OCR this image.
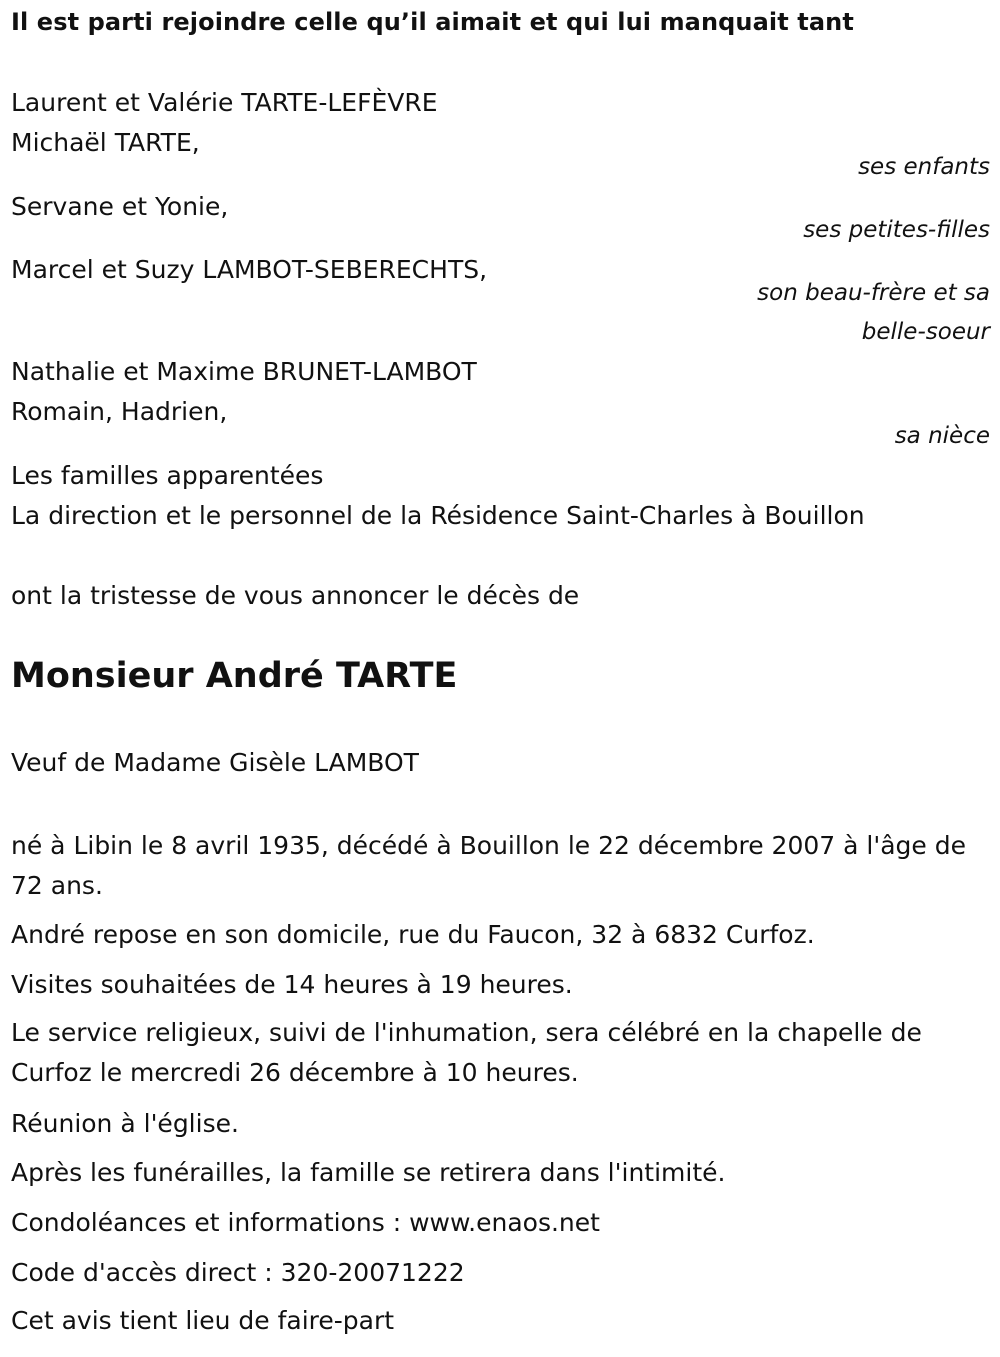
Il est parti rejoindre celle qu’il aimait et qui lui manquait tant
Laurent et Valérie TARTE-LEFÈVRE
Michaël TARTE,
ses enfants
Servane et Yonie,
ses petites-filles
Marcel et Suzy LAMBOT-SEBERECHTS,
son beau-frère et sa
belle-soeur
Nathalie et Maxime BRUNET-LAMBOT
Romain, Hadrien,
sa nièce
Les familles apparentées
La direction et le personnel de la Résidence Saint-Charles à Bouillon
ont la tristesse de vous annoncer le décès de
Monsieur André TARTE
Veuf de Madame Gisèle LAMBOT
né à Libin le 8 avril 1935, décédé à Bouillon le 22 décembre 2007 à l'âge de 72 ans.
André repose en son domicile, rue du Faucon, 32 à 6832 Curfoz.
Visites souhaitées de 14 heures à 19 heures.
Le service religieux, suivi de l'inhumation, sera célébré en la chapelle de Curfoz le mercredi 26 décembre à 10 heures.
Réunion à l'église.
Après les funérailles, la famille se retirera dans l'intimité.
Condoléances et informations : www.enaos.net
Code d'accès direct : 320-20071222
Cet avis tient lieu de faire-part
